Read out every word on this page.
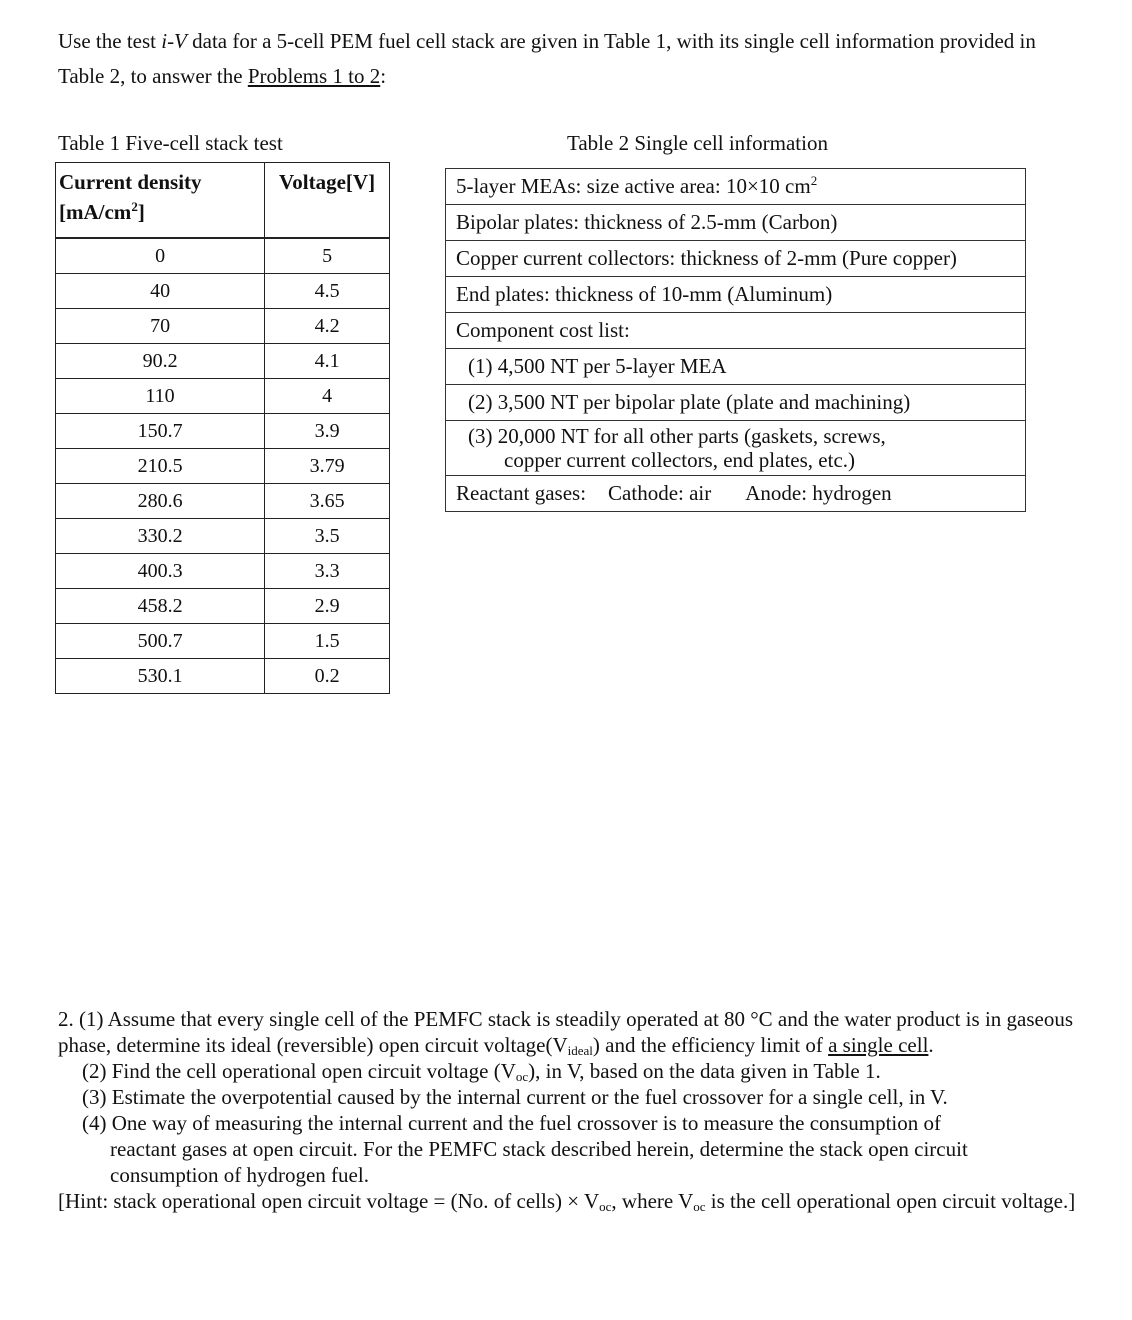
Use the test i-V data for a 5-cell PEM fuel cell stack are given in Table 1, with its single cell information provided in Table 2, to answer the Problems 1 to 2:
Table 1 Five-cell stack test	Table 2 Single cell information
Current density
$[mA/cm^2]$	Voltage[V]
0	5
40	4.5
70	4.2
90.2	4.1
110	4
150.7	3.9
210.5	3.79
280.6	3.65
330.2	3.5
400.3	3.3
458.2	2.9
500.7	1.5
530.1	0.2
5-layer MEAs: size active area: 10×10 $cm^2$
Bipolar plates: thickness of 2.5-mm (Carbon)
Copper current collectors: thickness of 2-mm (Pure copper)
End plates: thickness of 10-mm (Aluminum)
Component cost list:
(1) 4,500 NT per 5-layer MEA
(2) 3,500 NT per bipolar plate (plate and machining)
(3) 20,000 NT for all other parts (gaskets, screws,
copper current collectors, end plates, etc.)
Reactant gases: Cathode: air Anode: hydrogen

2. (1) Assume that every single cell of the PEMFC stack is steadily operated at 80 °C and the water product is in gaseous phase, determine its ideal (reversible) open circuit $voltage(V_{ideal})$ and the efficiency limit of a single cell.

(2) Find the cell operational open circuit voltage $(V_{oc})$, in V, based on the data given in Table 1.

(3) Estimate the overpotential caused by the internal current or the fuel crossover for a single cell, in V.

(4) One way of measuring the internal current and the fuel crossover is to measure the consumption of

reactant gases at open circuit. For the PEMFC stack described herein, determine the stack open circuit

consumption of hydrogen fuel.

[Hint: stack operational open circuit voltage = (No. of cells) × $V_{oc}$, where $V_{oc}$ is the cell operational open circuit voltage.]
